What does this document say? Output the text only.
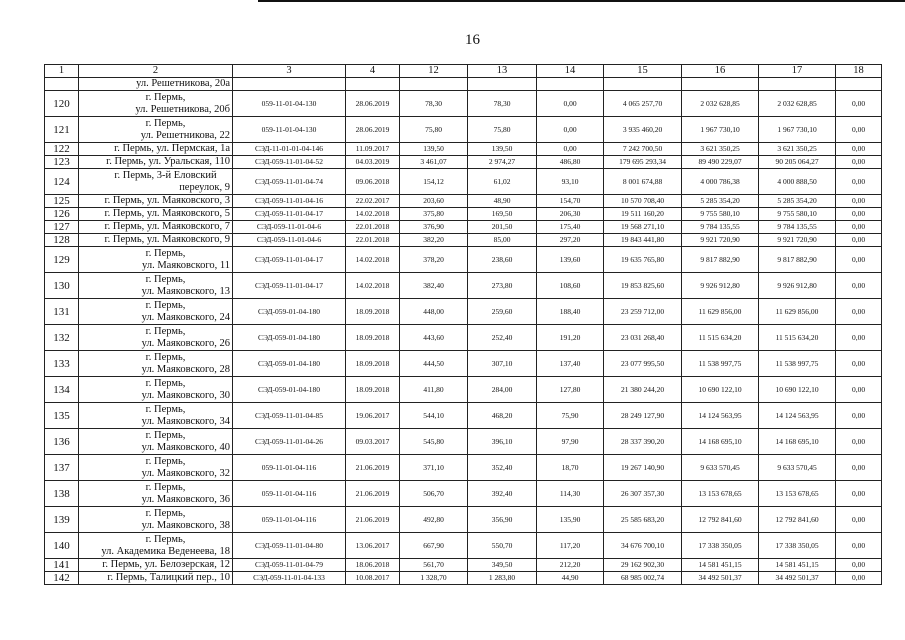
16
1	2	3	4	12	13	14	15	16	17	18

	ул. Решетникова, 20а									

120	г. Пермь,
ул. Решетникова, 20б	059-11-01-04-130	28.06.2019	78,30	78,30	0,00	4 065 257,70	2 032 628,85	2 032 628,85	0,00
121	г. Пермь,
ул. Решетникова, 22	059-11-01-04-130	28.06.2019	75,80	75,80	0,00	3 935 460,20	1 967 730,10	1 967 730,10	0,00
122	г. Пермь, ул. Пермская, 1а	СЭД-11-01-01-04-146	11.09.2017	139,50	139,50	0,00	7 242 700,50	3 621 350,25	3 621 350,25	0,00
123	г. Пермь, ул. Уральская, 110	СЭД-059-11-01-04-52	04.03.2019	3 461,07	2 974,27	486,80	179 695 293,34	89 490 229,07	90 205 064,27	0,00
124	г. Пермь, 3-й Еловский
переулок, 9	СЭД-059-11-01-04-74	09.06.2018	154,12	61,02	93,10	8 001 674,88	4 000 786,38	4 000 888,50	0,00
125	г. Пермь, ул. Маяковского, 3	СЭД-059-11-01-04-16	22.02.2017	203,60	48,90	154,70	10 570 708,40	5 285 354,20	5 285 354,20	0,00
126	г. Пермь, ул. Маяковского, 5	СЭД-059-11-01-04-17	14.02.2018	375,80	169,50	206,30	19 511 160,20	9 755 580,10	9 755 580,10	0,00
127	г. Пермь, ул. Маяковского, 7	СЭД-059-11-01-04-6	22.01.2018	376,90	201,50	175,40	19 568 271,10	9 784 135,55	9 784 135,55	0,00
128	г. Пермь, ул. Маяковского, 9	СЭД-059-11-01-04-6	22.01.2018	382,20	85,00	297,20	19 843 441,80	9 921 720,90	9 921 720,90	0,00
129	г. Пермь,
ул. Маяковского, 11	СЭД-059-11-01-04-17	14.02.2018	378,20	238,60	139,60	19 635 765,80	9 817 882,90	9 817 882,90	0,00
130	г. Пермь,
ул. Маяковского, 13	СЭД-059-11-01-04-17	14.02.2018	382,40	273,80	108,60	19 853 825,60	9 926 912,80	9 926 912,80	0,00
131	г. Пермь,
ул. Маяковского, 24	СЭД-059-01-04-180	18.09.2018	448,00	259,60	188,40	23 259 712,00	11 629 856,00	11 629 856,00	0,00
132	г. Пермь,
ул. Маяковского, 26	СЭД-059-01-04-180	18.09.2018	443,60	252,40	191,20	23 031 268,40	11 515 634,20	11 515 634,20	0,00
133	г. Пермь,
ул. Маяковского, 28	СЭД-059-01-04-180	18.09.2018	444,50	307,10	137,40	23 077 995,50	11 538 997,75	11 538 997,75	0,00
134	г. Пермь,
ул. Маяковского, 30	СЭД-059-01-04-180	18.09.2018	411,80	284,00	127,80	21 380 244,20	10 690 122,10	10 690 122,10	0,00
135	г. Пермь,
ул. Маяковского, 34	СЭД-059-11-01-04-85	19.06.2017	544,10	468,20	75,90	28 249 127,90	14 124 563,95	14 124 563,95	0,00
136	г. Пермь,
ул. Маяковского, 40	СЭД-059-11-01-04-26	09.03.2017	545,80	396,10	97,90	28 337 390,20	14 168 695,10	14 168 695,10	0,00
137	г. Пермь,
ул. Маяковского, 32	059-11-01-04-116	21.06.2019	371,10	352,40	18,70	19 267 140,90	9 633 570,45	9 633 570,45	0,00
138	г. Пермь,
ул. Маяковского, 36	059-11-01-04-116	21.06.2019	506,70	392,40	114,30	26 307 357,30	13 153 678,65	13 153 678,65	0,00
139	г. Пермь,
ул. Маяковского, 38	059-11-01-04-116	21.06.2019	492,80	356,90	135,90	25 585 683,20	12 792 841,60	12 792 841,60	0,00
140	г. Пермь,
ул. Академика Веденеева, 18	СЭД-059-11-01-04-80	13.06.2017	667,90	550,70	117,20	34 676 700,10	17 338 350,05	17 338 350,05	0,00
141	г. Пермь, ул. Белозерская, 12	СЭД-059-11-01-04-79	18.06.2018	561,70	349,50	212,20	29 162 902,30	14 581 451,15	14 581 451,15	0,00
142	г. Пермь, Талицкий пер., 10	СЭД-059-11-01-04-133	10.08.2017	1 328,70	1 283,80	44,90	68 985 002,74	34 492 501,37	34 492 501,37	0,00
